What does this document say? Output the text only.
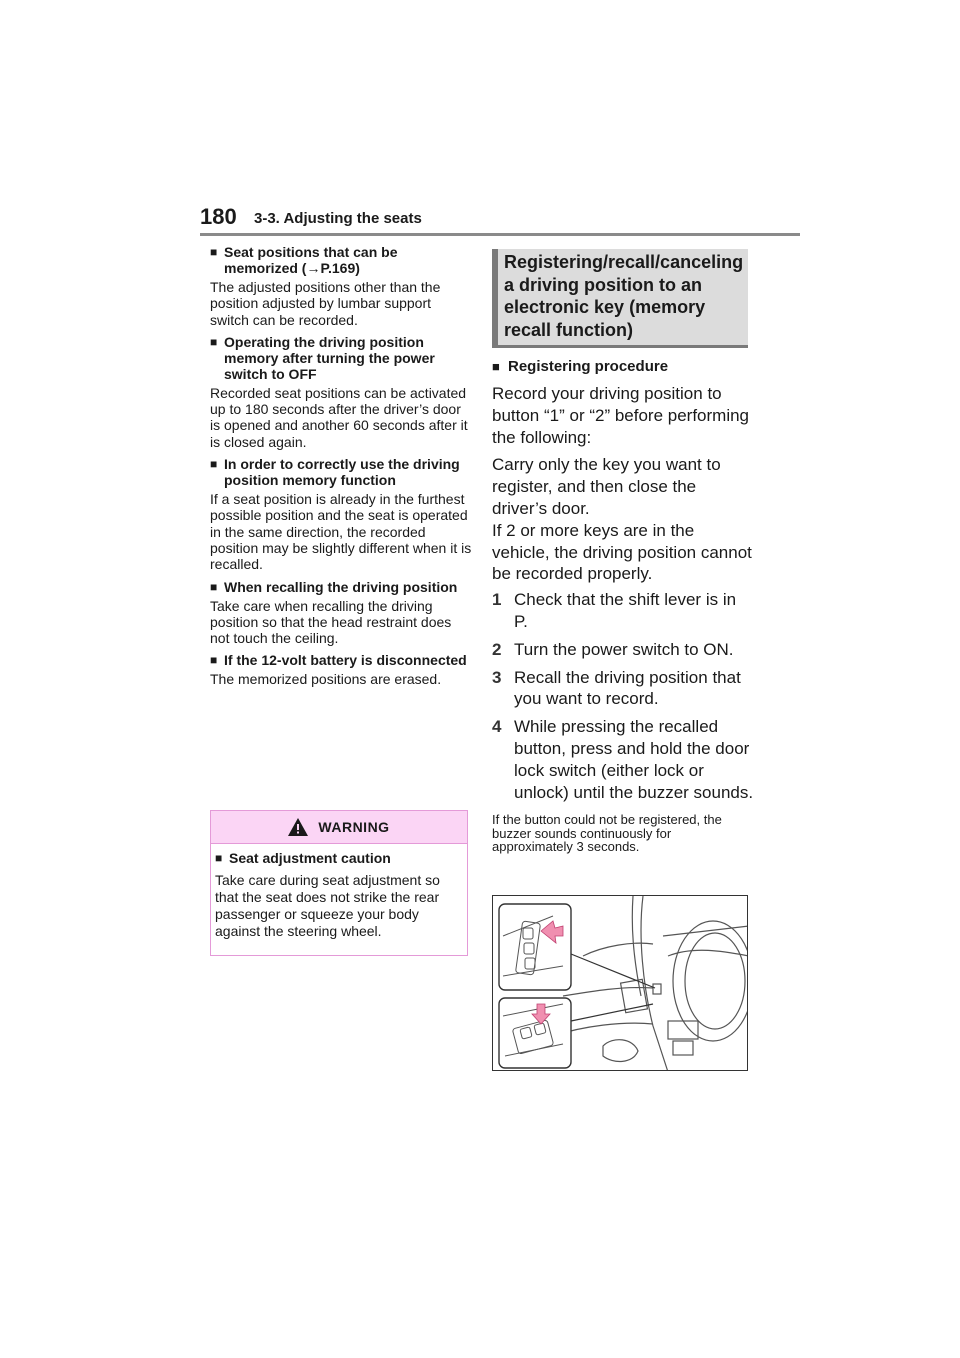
180 3-3. Adjusting the seats
■ Seat positions that can be memorized (→P.169)

The adjusted positions other than the position adjusted by lumbar support switch can be recorded.

■ Operating the driving position memory after turning the power switch to OFF

Recorded seat positions can be activated up to 180 seconds after the driver’s door is opened and another 60 seconds after it is closed again.

■ In order to correctly use the driving position memory function

If a seat position is already in the furthest possible position and the seat is operated in the same direction, the recorded position may be slightly different when it is recalled.

■ When recalling the driving position

Take care when recalling the driving position so that the head restraint does not touch the ceiling.

■ If the 12-volt battery is disconnected

The memorized positions are erased.

WARNING
■ Seat adjustment caution

Take care during seat adjustment so that the seat does not strike the rear passenger or squeeze your body against the steering wheel.

Registering/recall/canceling a driving position to an electronic key (memory recall function)

■ Registering procedure

Record your driving position to button “1” or “2” before performing the following:

Carry only the key you want to register, and then close the driver’s door.

If 2 or more keys are in the vehicle, the driving position cannot be recorded properly.

1 Check that the shift lever is in P.
2 Turn the power switch to ON.
3 Recall the driving position that you want to record.
4 While pressing the recalled button, press and hold the door lock switch (either lock or unlock) until the buzzer sounds.

If the button could not be registered, the buzzer sounds continuously for approximately 3 seconds.
